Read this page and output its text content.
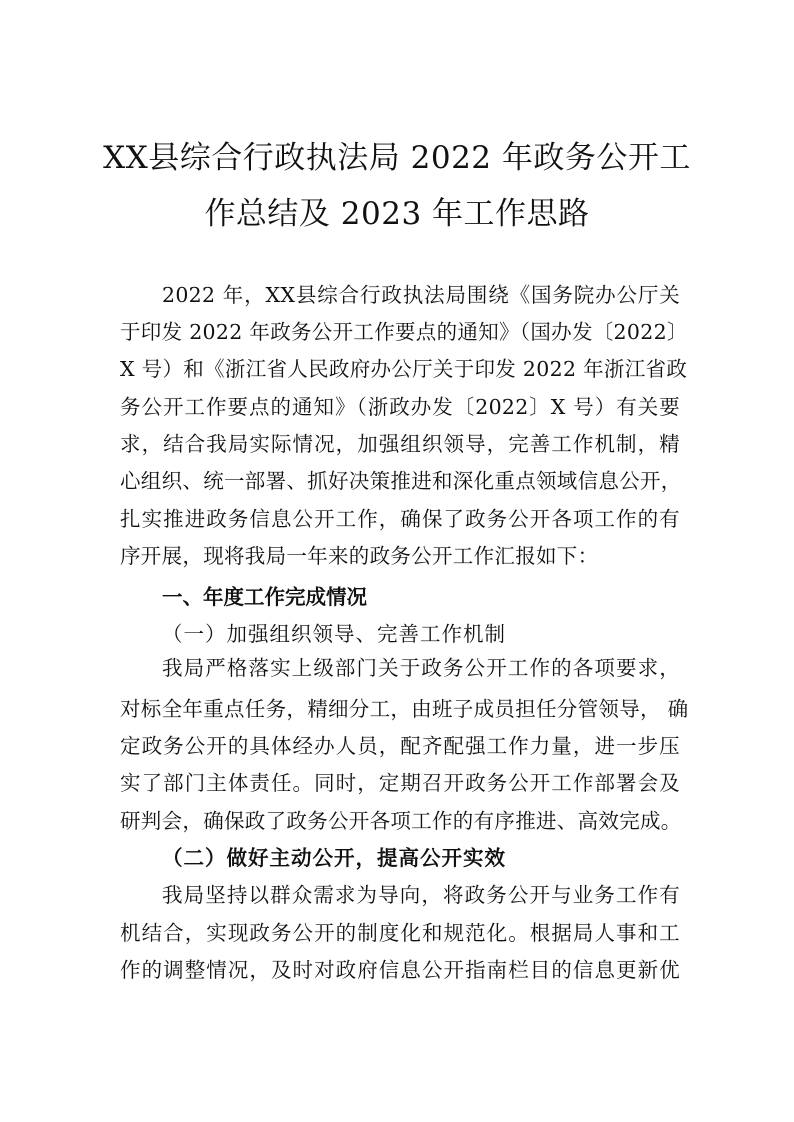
XX县综合行政执法局 2022 年政务公开工
作总结及 2023 年工作思路
2022 年，XX县综合行政执法局围绕《国务院办公厅关
于印发 2022 年政务公开工作要点的通知》（国办发〔2022〕
X 号）和《浙江省人民政府办公厅关于印发 2022 年浙江省政
务公开工作要点的通知》（浙政办发〔2022〕X 号）有关要
求，结合我局实际情况，加强组织领导，完善工作机制，精
心组织、统一部署、抓好决策推进和深化重点领域信息公开，
扎实推进政务信息公开工作，确保了政务公开各项工作的有
序开展，现将我局一年来的政务公开工作汇报如下：
一、年度工作完成情况
（一）加强组织领导、完善工作机制
我局严格落实上级部门关于政务公开工作的各项要求，
对标全年重点任务，精细分工，由班子成员担任分管领导， 确
定政务公开的具体经办人员，配齐配强工作力量，进一步压
实了部门主体责任。同时，定期召开政务公开工作部署会及
研判会，确保政了政务公开各项工作的有序推进、高效完成。
（二）做好主动公开，提高公开实效
我局坚持以群众需求为导向，将政务公开与业务工作有
机结合，实现政务公开的制度化和规范化。根据局人事和工
作的调整情况，及时对政府信息公开指南栏目的信息更新优
